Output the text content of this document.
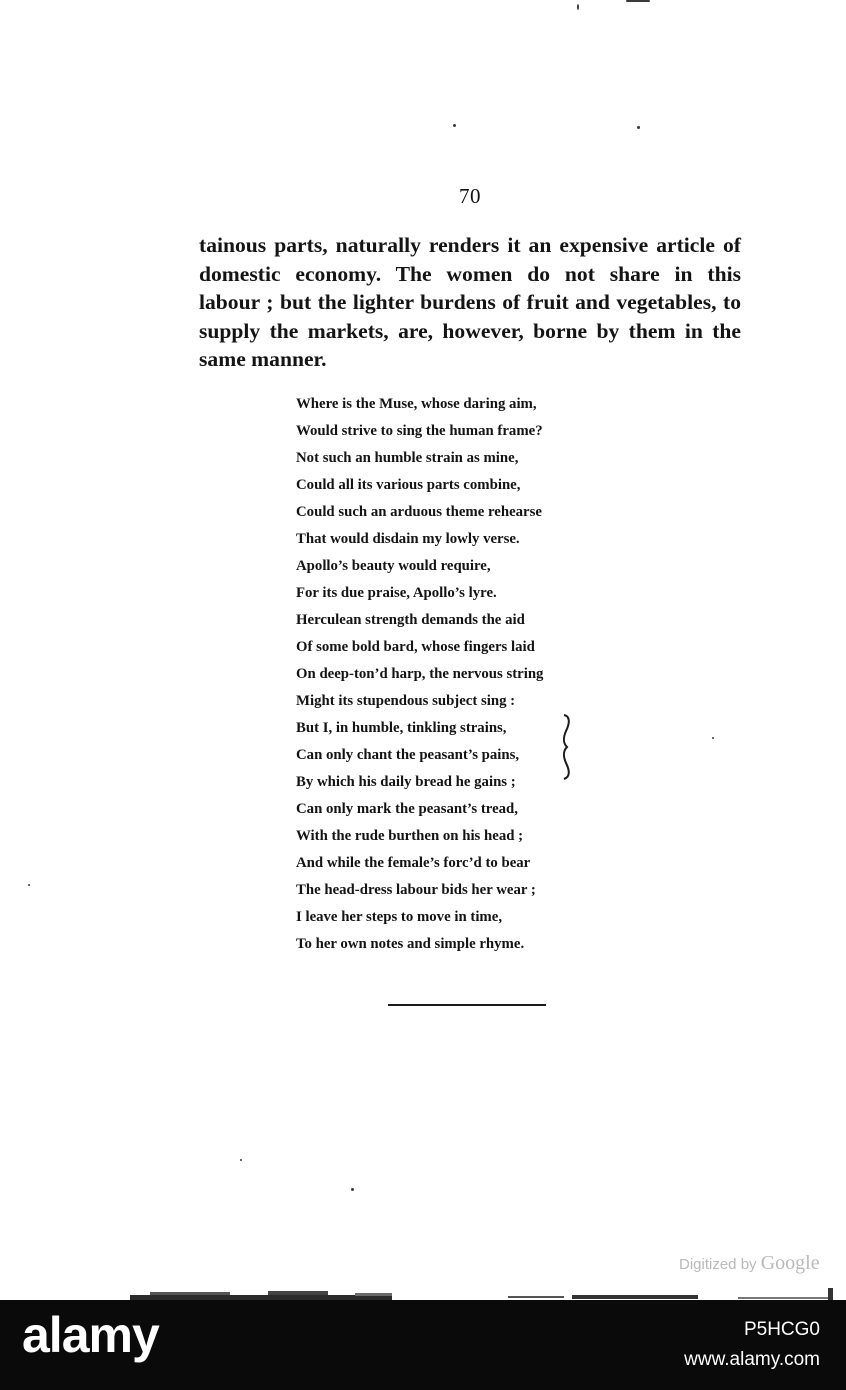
70
tainous parts, naturally renders it an expensive article of
domestic economy. The women do not share in this
labour ; but the lighter burdens of fruit and vegetables, to
supply the markets, are, however, borne by them in the
same manner.
Where is the Muse, whose daring aim,
Would strive to sing the human frame?
Not such an humble strain as mine,
Could all its various parts combine,
Could such an arduous theme rehearse
That would disdain my lowly verse.
Apollo’s beauty would require,
For its due praise, Apollo’s lyre.
Herculean strength demands the aid
Of some bold bard, whose fingers laid
On deep-ton’d harp, the nervous string
Might its stupendous subject sing :
But I, in humble, tinkling strains,
Can only chant the peasant’s pains,
By which his daily bread he gains ;
Can only mark the peasant’s tread,
With the rude burthen on his head ;
And while the female’s forc’d to bear
The head-dress labour bids her wear ;
I leave her steps to move in time,
To her own notes and simple rhyme.
Digitized by Google
alamy	P5HCG0
www.alamy.com
